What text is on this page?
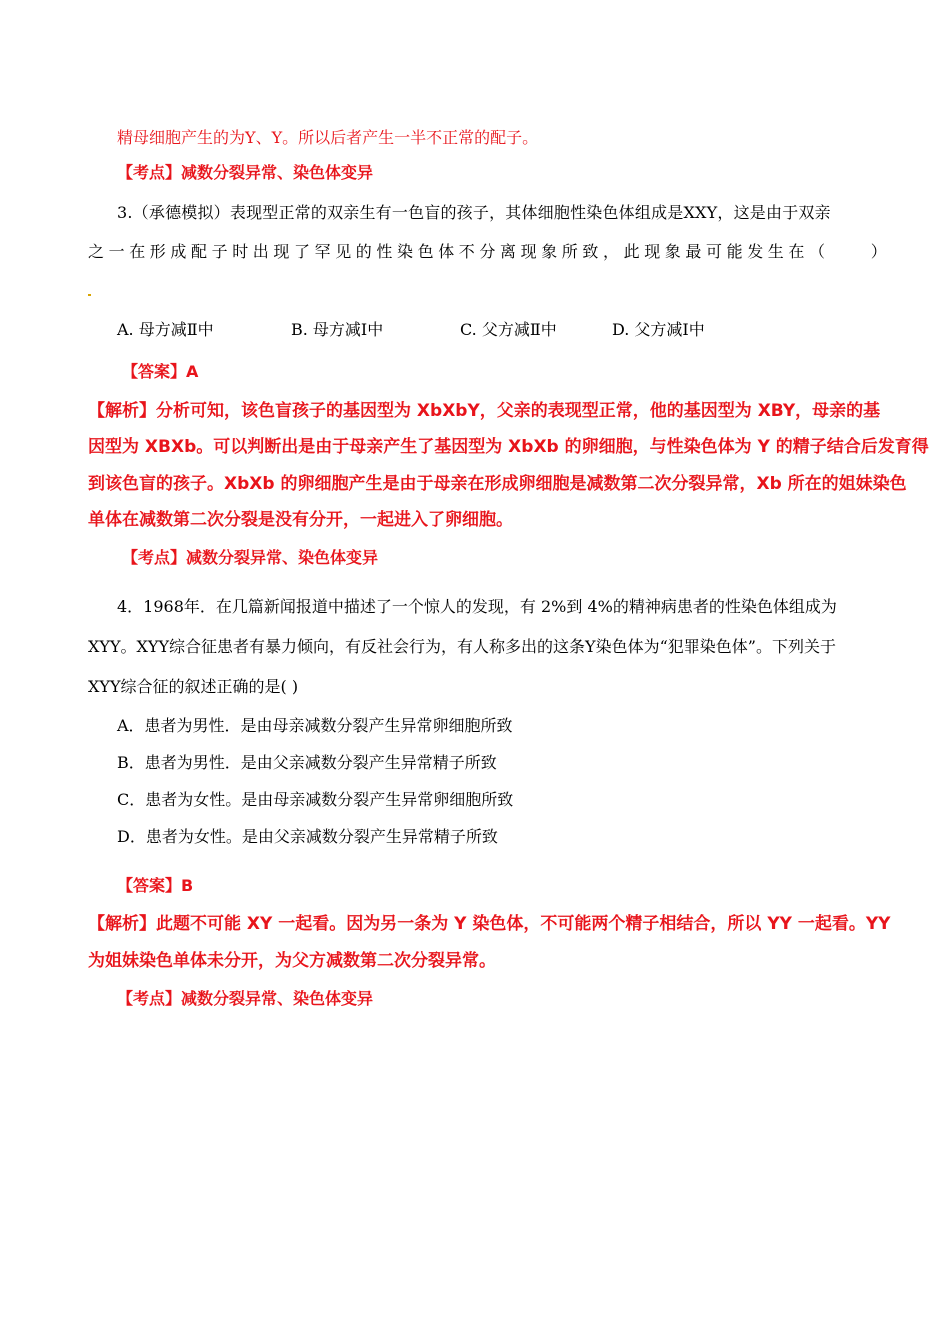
精母细胞产生的为Y、Y。所以后者产生一半不正常的配子。
【考点】减数分裂异常、染色体变异
3.（承德模拟）表现型正常的双亲生有一色盲的孩子，其体细胞性染色体组成是XXY，这是由于双亲
之一在形成配子时出现了罕见的性染色体不分离现象所致，此现象最可能发生在（　　）
A. 母方减Ⅱ中	B. 母方减Ⅰ中	C. 父方减Ⅱ中	D. 父方减Ⅰ中
【答案】A
【解析】分析可知，该色盲孩子的基因型为 XbXbY，父亲的表现型正常，他的基因型为 XBY，母亲的基
因型为 XBXb。可以判断出是由于母亲产生了基因型为 XbXb 的卵细胞，与性染色体为 Y 的精子结合后发育得
到该色盲的孩子。XbXb 的卵细胞产生是由于母亲在形成卵细胞是减数第二次分裂异常，Xb 所在的姐妹染色
单体在减数第二次分裂是没有分开，一起进入了卵细胞。
【考点】减数分裂异常、染色体变异
4．1968年．在几篇新闻报道中描述了一个惊人的发现，有 2%到 4%的精神病患者的性染色体组成为
XYY。XYY综合征患者有暴力倾向，有反社会行为，有人称多出的这条Y染色体为“犯罪染色体”。下列关于
XYY综合征的叙述正确的是( )
A．患者为男性．是由母亲减数分裂产生异常卵细胞所致
B．患者为男性．是由父亲减数分裂产生异常精子所致
C．患者为女性。是由母亲减数分裂产生异常卵细胞所致
D．患者为女性。是由父亲减数分裂产生异常精子所致
【答案】B
【解析】此题不可能 XY 一起看。因为另一条为 Y 染色体，不可能两个精子相结合，所以 YY 一起看。YY
为姐妹染色单体未分开，为父方减数第二次分裂异常。
【考点】减数分裂异常、染色体变异
